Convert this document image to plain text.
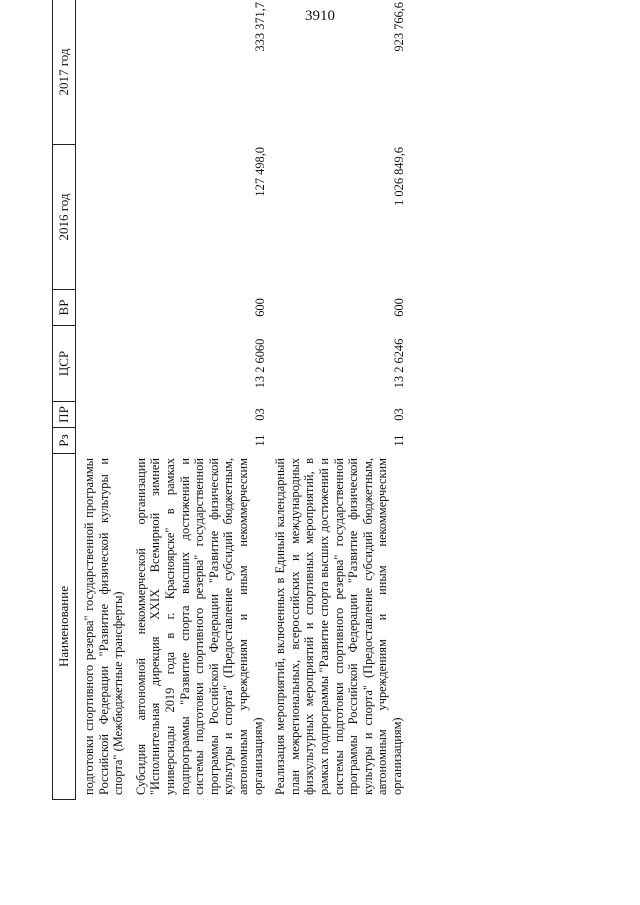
3910
Наименование	Рз	ПР	ЦСР	ВР	2016 год	2017 год
подготовки спортивного резерва" государственной программы Российской Федерации "Развитие физической культуры и спорта" (Межбюджетные трансферты)						
Субсидия автономной некоммерческой организации "Исполнительная дирекция XXIX Всемирной зимней универсиады 2019 года в г. Красноярске" в рамках подпрограммы "Развитие спорта высших достижений и системы подготовки спортивного резерва" государственной программы Российской Федерации "Развитие физической культуры и спорта" (Предоставление субсидий бюджетным, автономным учреждениям и иным некоммерческим организациям)	11	03	13 2 6060	600	127 498,0	333 371,7
Реализация мероприятий, включенных в Единый календарный план межрегиональных, всероссийских и международных физкультурных мероприятий и спортивных мероприятий, в рамках подпрограммы "Развитие спорта высших достижений и системы подготовки спортивного резерва" государственной программы Российской Федерации "Развитие физической культуры и спорта" (Предоставление субсидий бюджетным, автономным учреждениям и иным некоммерческим организациям)	11	03	13 2 6246	600	1 026 849,6	923 766,6
